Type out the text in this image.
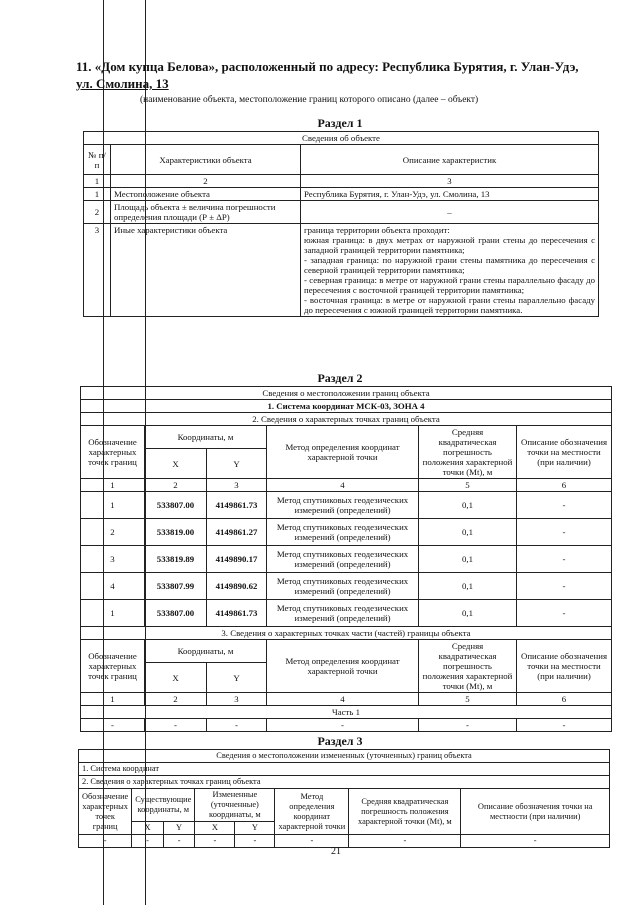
11. «Дом купца Белова», расположенный по адресу: Республика Бурятия, г. Улан-Удэ,
ул. Смолина, 13
(наименование объекта, местоположение границ которого описано (далее – объект)
Раздел 1
Сведения об объекте		
№ п/п	Характеристики объекта	Описание характеристик
1	2	3
1	Местоположение объекта	Республика Бурятия, г. Улан-Удэ, ул. Смолина, 13
2	Площадь объекта ± величина погрешности определения площади (Р ± ΔР)	–
3	Иные характеристики объекта	граница территории объекта проходит:
южная граница: в двух метрах от наружной грани стены до пересечения с западной границей территории памятника;
- западная граница: по наружной грани стены памятника до пересечения с северной границей территории памятника;
- северная граница: в метре от наружной грани стены параллельно фасаду до пересечения с восточной границей территории памятника;
- восточная граница: в метре от наружной грани стены параллельно фасаду до пересечения с южной границей территории памятника.
Раздел 2
Сведения о местоположении границ объекта					
1. Система координат МСК-03, ЗОНА 4					
2. Сведения о характерных точках границ объекта					
Обозначение характерных точек границ	Координаты, м		Метод определения координат характерной точки	Средняя квадратическая погрешность положения характерной точки (Mt), м	Описание обозначения точки на местности (при наличии)
	X	Y			
1	2	3	4	5	6
1	533807.00	4149861.73	Метод спутниковых геодезических измерений (определений)	0,1	-
2	533819.00	4149861.27	Метод спутниковых геодезических измерений (определений)	0,1	-
3	533819.89	4149890.17	Метод спутниковых геодезических измерений (определений)	0,1	-
4	533807.99	4149890.62	Метод спутниковых геодезических измерений (определений)	0,1	-
1	533807.00	4149861.73	Метод спутниковых геодезических измерений (определений)	0,1	-
3. Сведения о характерных точках части (частей) границы объекта					
Обозначение характерных точек границ	Координаты, м		Метод определения координат характерной точки	Средняя квадратическая погрешность положения характерной точки (Mt), м	Описание обозначения точки на местности (при наличии)
	X	Y			
1	2	3	4	5	6
Часть 1					
-	-	-	-	-	-
Раздел 3
Сведения о местоположении измененных (уточненных) границ объекта							
1. Система координат							
2. Сведения о характерных точках границ объекта							
Обозначение характерных точек границ	Существующие координаты, м		Измененные (уточненные) координаты, м		Метод определения координат характерной точки	Средняя квадратическая погрешность положения характерной точки (Mt), м	Описание обозначения точки на местности (при наличии)
	X	Y	X	Y			
-	-	-	-	-	-	-	-
21
